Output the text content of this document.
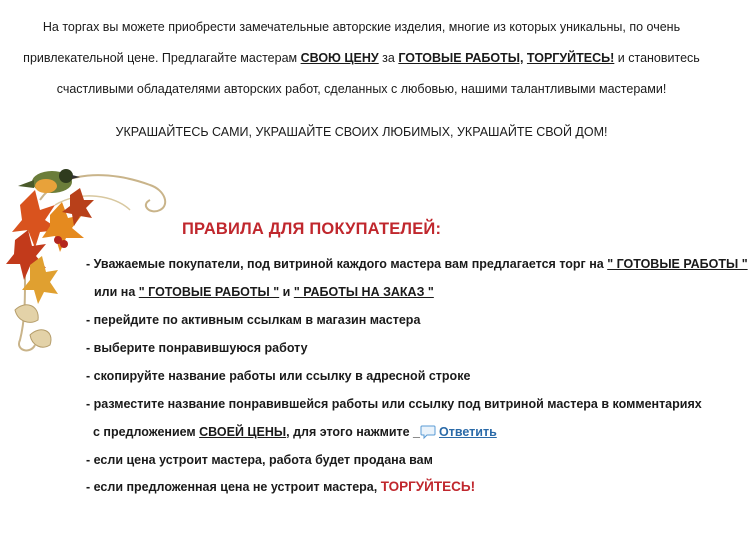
На торгах вы можете приобрести замечательные авторские изделия, многие из которых уникальны, по очень
привлекательной цене. Предлагайте мастерам СВОЮ ЦЕНУ за ГОТОВЫЕ РАБОТЫ, ТОРГУЙТЕСЬ! и становитесь
счастливыми обладателями авторских работ, сделанных с любовью, нашими талантливыми мастерами!
УКРАШАЙТЕСЬ САМИ, УКРАШАЙТЕ СВОИХ ЛЮБИМЫХ, УКРАШАЙТЕ СВОЙ ДОМ!
ПРАВИЛА ДЛЯ ПОКУПАТЕЛЕЙ:
- Уважаемые покупатели, под витриной каждого мастера вам предлагается торг на " ГОТОВЫЕ РАБОТЫ "
или на " ГОТОВЫЕ РАБОТЫ " и " РАБОТЫ НА ЗАКАЗ "
- перейдите по активным ссылкам в магазин мастера
- выберите понравившуюся работу
- скопируйте название работы или ссылку в адресной строке
- разместите название понравившейся работы или ссылку под витриной мастера в комментариях
с предложением СВОЕЙ ЦЕНЫ, для этого нажмите _ Ответить
- если цена устроит мастера, работа будет продана вам
- если предложенная цена не устроит мастера, ТОРГУЙТЕСЬ!
